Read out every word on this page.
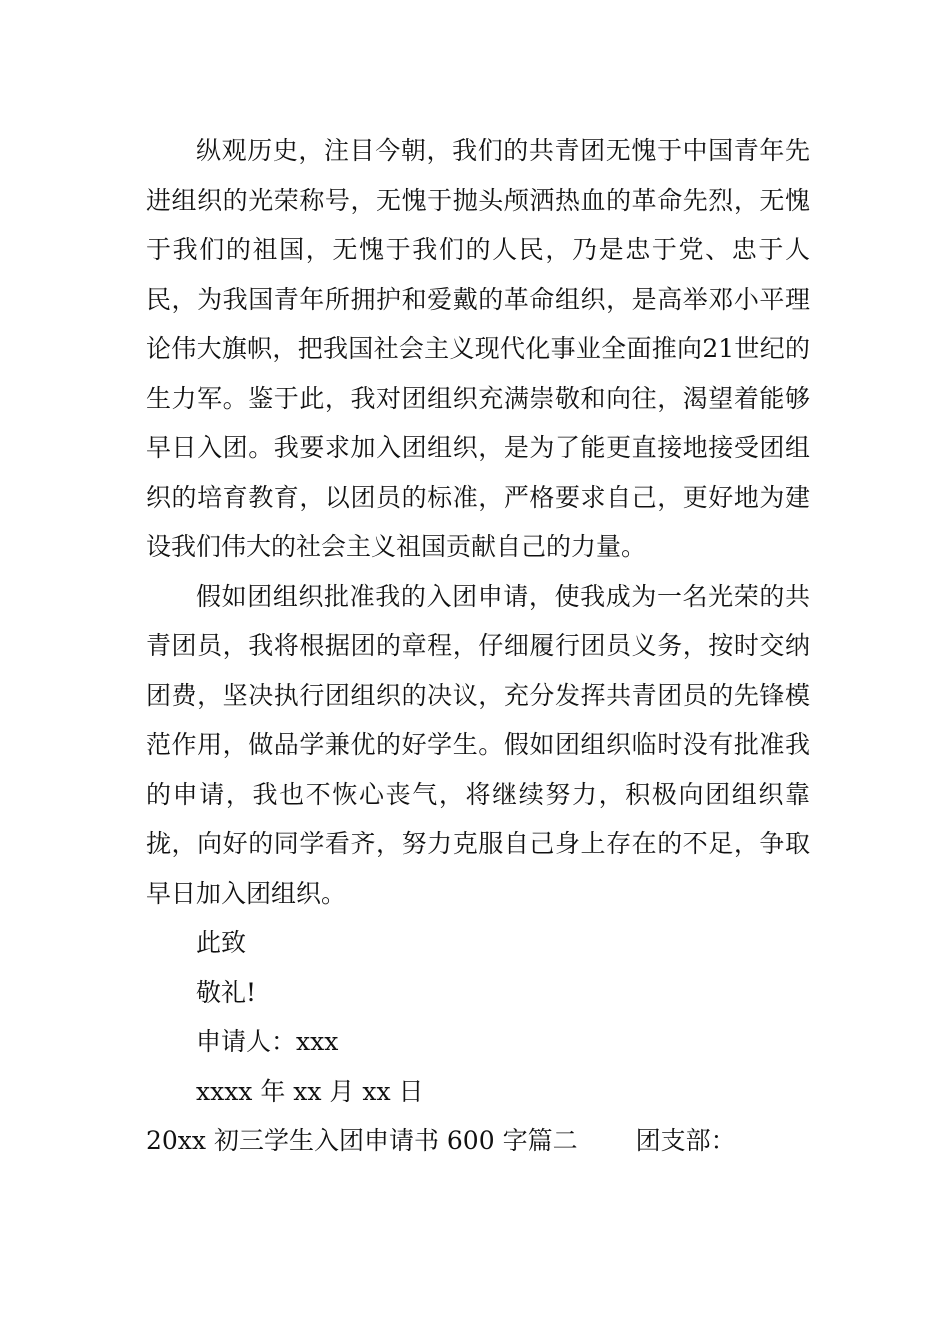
纵观历史，注目今朝，我们的共青团无愧于中国青年先进组织的光荣称号，无愧于抛头颅洒热血的革命先烈，无愧于我们的祖国，无愧于我们的人民，乃是忠于党、忠于人民，为我国青年所拥护和爱戴的革命组织，是高举邓小平理论伟大旗帜，把我国社会主义现代化事业全面推向21世纪的生力军。鉴于此，我对团组织充满崇敬和向往，渴望着能够早日入团。我要求加入团组织，是为了能更直接地接受团组织的培育教育，以团员的标准，严格要求自己，更好地为建设我们伟大的社会主义祖国贡献自己的力量。

假如团组织批准我的入团申请，使我成为一名光荣的共青团员，我将根据团的章程，仔细履行团员义务，按时交纳团费，坚决执行团组织的决议，充分发挥共青团员的先锋模范作用，做品学兼优的好学生。假如团组织临时没有批准我的申请，我也不恢心丧气，将继续努力，积极向团组织靠拢，向好的同学看齐，努力克服自己身上存在的不足，争取早日加入团组织。

此致

敬礼!

申请人：xxx

xxxx 年 xx 月 xx 日

20xx 初三学生入团申请书 600 字篇二 团支部：
